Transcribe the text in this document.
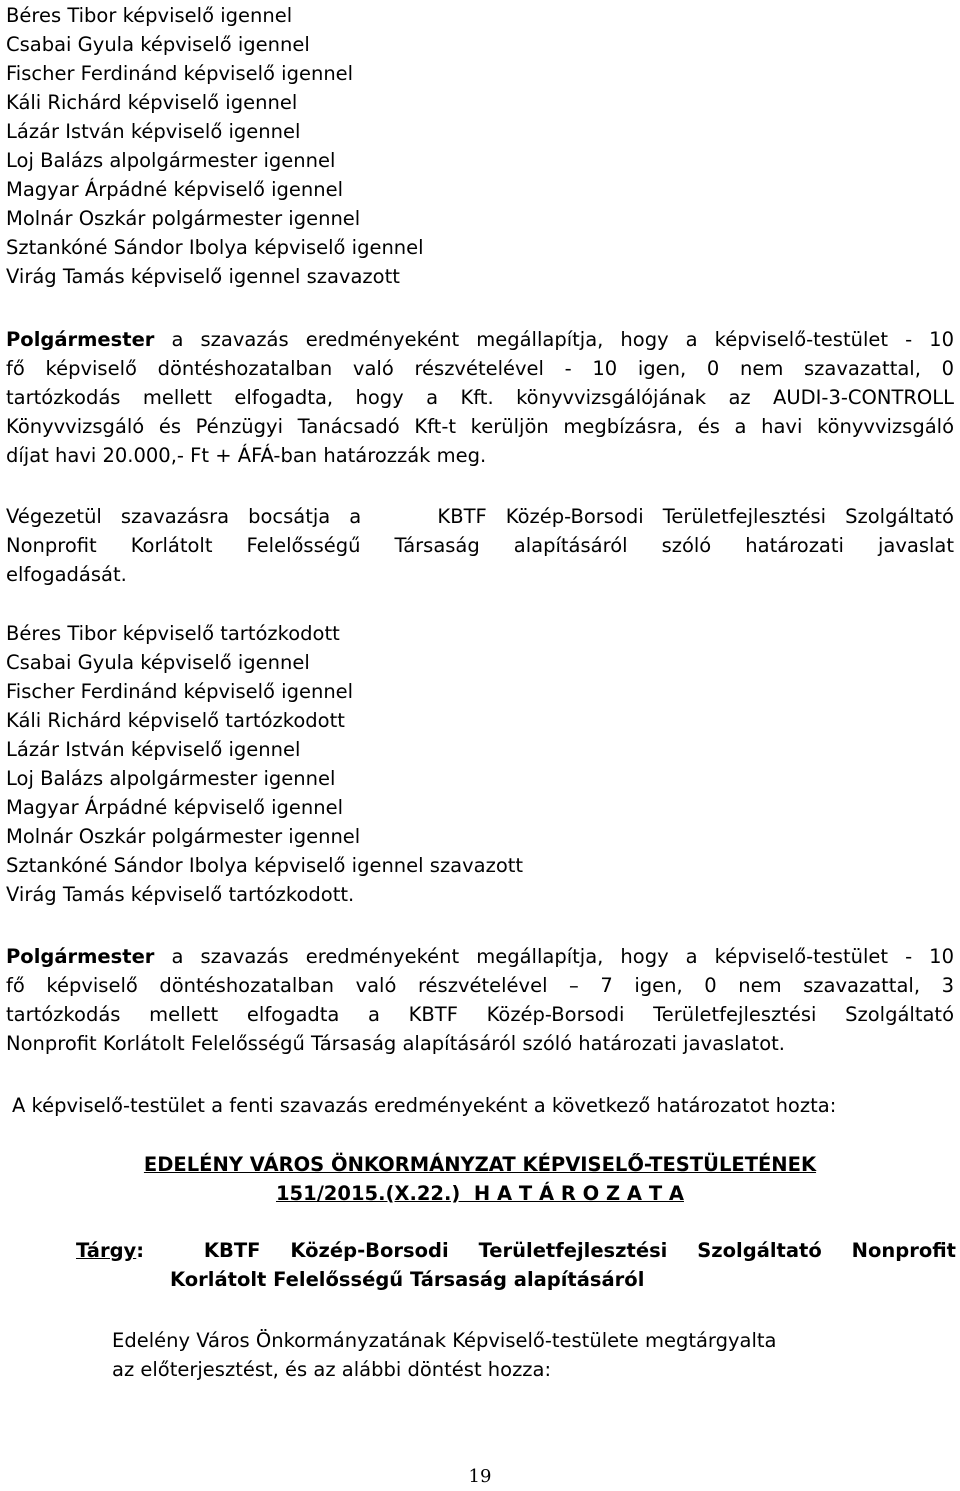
Béres Tibor képviselő igennel

Csabai Gyula képviselő igennel

Fischer Ferdinánd képviselő igennel

Káli Richárd képviselő igennel

Lázár István képviselő igennel

Loj Balázs alpolgármester igennel

Magyar Árpádné képviselő igennel

Molnár Oszkár polgármester igennel

Sztankóné Sándor Ibolya képviselő igennel

Virág Tamás képviselő igennel szavazott

Polgármester a szavazás eredményeként megállapítja, hogy a képviselő-testület - 10
fő képviselő döntéshozatalban való részvételével - 10 igen, 0 nem szavazattal, 0
tartózkodás mellett elfogadta, hogy a Kft. könyvvizsgálójának az AUDI-3-CONTROLL
Könyvvizsgáló és Pénzügyi Tanácsadó Kft-t kerüljön megbízásra, és a havi könyvvizsgáló
díjat havi 20.000,- Ft + ÁFÁ-ban határozzák meg.
Végezetül szavazásra bocsátja a    KBTF Közép-Borsodi Területfejlesztési Szolgáltató
Nonprofit Korlátolt Felelősségű Társaság alapításáról szóló határozati javaslat
elfogadását.

Béres Tibor képviselő tartózkodott

Csabai Gyula képviselő igennel

Fischer Ferdinánd képviselő igennel

Káli Richárd képviselő tartózkodott

Lázár István képviselő igennel

Loj Balázs alpolgármester igennel

Magyar Árpádné képviselő igennel

Molnár Oszkár polgármester igennel

Sztankóné Sándor Ibolya képviselő igennel szavazott

Virág Tamás képviselő tartózkodott.

Polgármester a szavazás eredményeként megállapítja, hogy a képviselő-testület - 10
fő képviselő döntéshozatalban való részvételével – 7 igen, 0 nem szavazattal, 3
tartózkodás mellett elfogadta a KBTF Közép-Borsodi Területfejlesztési Szolgáltató
Nonprofit Korlátolt Felelősségű Társaság alapításáról szóló határozati javaslatot.

A képviselő-testület a fenti szavazás eredményeként a következő határozatot hozta:

EDELÉNY VÁROS ÖNKORMÁNYZAT KÉPVISELŐ-TESTÜLETÉNEK

151/2015.(X.22.)  H A T Á R O Z A T A

Tárgy:  KBTF Közép-Borsodi Területfejlesztési Szolgáltató Nonprofit
Korlátolt Felelősségű Társaság alapításáról
Edelény Város Önkormányzatának Képviselő-testülete megtárgyalta
az előterjesztést, és az alábbi döntést hozza:
19
